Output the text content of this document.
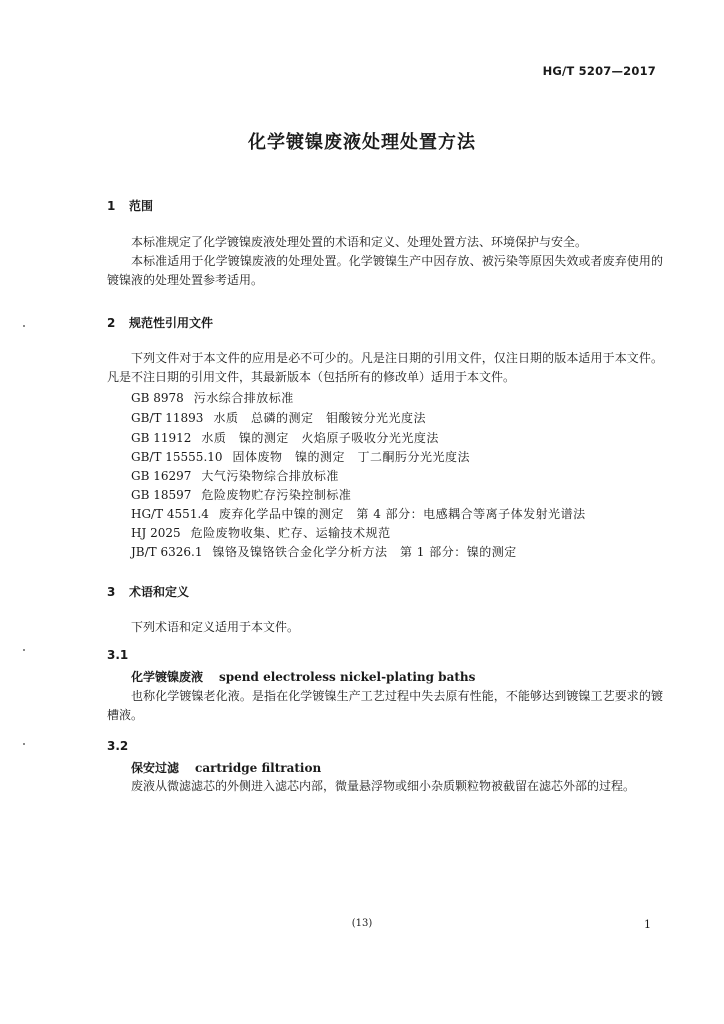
HG/T 5207—2017
化学镀镍废液处理处置方法
1 范围

本标准规定了化学镀镍废液处理处置的术语和定义、处理处置方法、环境保护与安全。

本标准适用于化学镀镍废液的处理处置。化学镀镍生产中因存放、被污染等原因失效或者废弃使用的镀镍液的处理处置参考适用。

2 规范性引用文件

下列文件对于本文件的应用是必不可少的。凡是注日期的引用文件，仅注日期的版本适用于本文件。凡是不注日期的引用文件，其最新版本（包括所有的修改单）适用于本文件。

GB 8978 污水综合排放标准
GB/T 11893 水质　总磷的测定　钼酸铵分光光度法
GB 11912 水质　镍的测定　火焰原子吸收分光光度法
GB/T 15555.10 固体废物　镍的测定　丁二酮肟分光光度法
GB 16297 大气污染物综合排放标准
GB 18597 危险废物贮存污染控制标准
HG/T 4551.4 废弃化学品中镍的测定　第 4 部分：电感耦合等离子体发射光谱法
HJ 2025 危险废物收集、贮存、运输技术规范
JB/T 6326.1 镍铬及镍铬铁合金化学分析方法　第 1 部分：镍的测定
3 术语和定义
下列术语和定义适用于本文件。
3.1
化学镀镍废液 spend electroless nickel-plating baths

也称化学镀镍老化液。是指在化学镀镍生产工艺过程中失去原有性能，不能够达到镀镍工艺要求的镀槽液。

3.2
保安过滤 cartridge filtration

废液从微滤滤芯的外侧进入滤芯内部，微量悬浮物或细小杂质颗粒物被截留在滤芯外部的过程。

(13)	1
